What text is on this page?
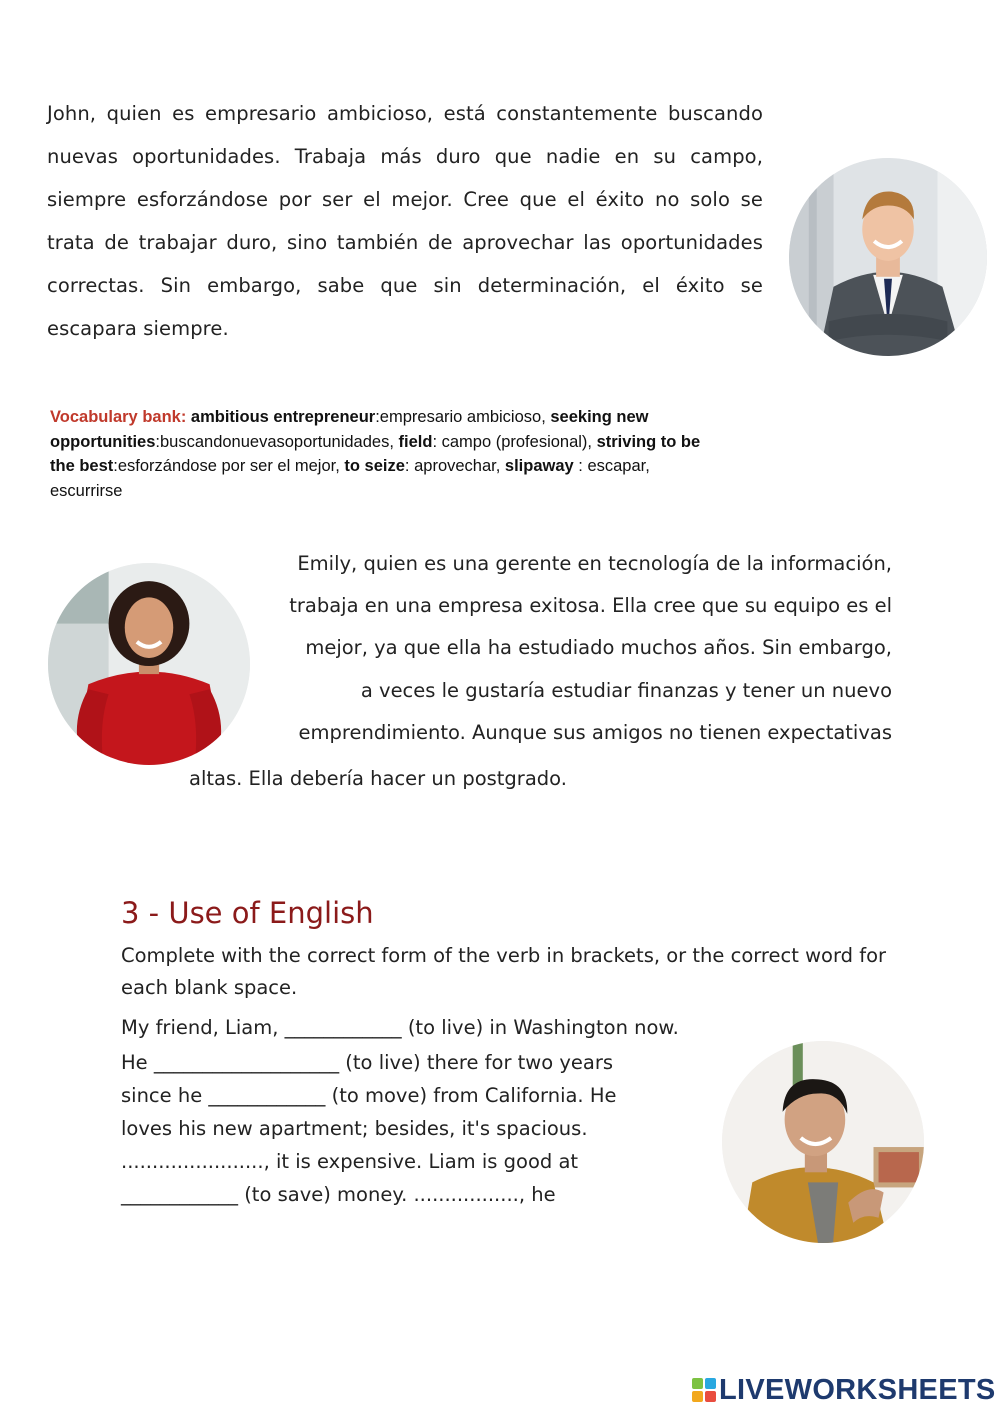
John, quien es empresario ambicioso, está constantemente buscando nuevas oportunidades. Trabaja más duro que nadie en su campo, siempre esforzándose por ser el mejor. Cree que el éxito no solo se trata de trabajar duro, sino también de aprovechar las oportunidades correctas. Sin embargo, sabe que sin determinación, el éxito se escapara siempre.
Vocabulary bank: ambitious entrepreneur:empresario ambicioso, seeking new opportunities:buscandonuevasoportunidades, field: campo (profesional), striving to be the best:esforzándose por ser el mejor, to seize: aprovechar, slipaway : escapar, escurrirse
Emily, quien es una gerente en tecnología de la información,
trabaja en una empresa exitosa. Ella cree que su equipo es el
mejor, ya que ella ha estudiado muchos años. Sin embargo,
a veces le gustaría estudiar finanzas y tener un nuevo
emprendimiento. Aunque sus amigos no tienen expectativas
altas. Ella debería hacer un postgrado.
3 - Use of English
Complete with the correct form of the verb in brackets, or the correct word for each blank space.
My friend, Liam, ____________ (to live) in Washington now.
He ___________________ (to live) there for two years
since he ____________ (to move) from California. He
loves his new apartment; besides, it's spacious.
......................., it is expensive. Liam is good at
____________ (to save) money. ................., he
LIVEWORKSHEETS
